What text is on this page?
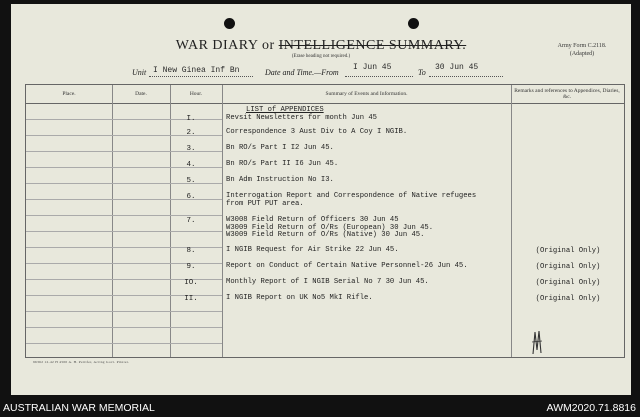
WAR DIARY or INTELLIGENCE SUMMARY.
(Erase heading not required.)
Army Form C.2118.
(Adapted)
Unit I New Ginea Inf Bn	Date and Time.—From
I Jun 45
To
30 Jun 45
Place.	Date.	Hour.	Summary of Events and Information.
Remarks and references to Appendices, Diaries, &c.
LIST of APPENDICES
I.	Revsit Newsletters for month Jun 45
2.	Correspondence 3 Aust Div to A Coy I NGIB.
3.	Bn RO/s Part I I2 Jun 45.
4.	Bn RO/s Part II I6 Jun 45.
5.	Bn Adm Instruction No I3.
6.	Interrogation Report and Correspondence of Native refugees
from PUT PUT area.
7.	W3008 Field Return of Officers 30 Jun 45
W3009 Field Return of O/Rs (European) 30 Jun 45.
W3009 Field Return of O/Rs (Native) 30 Jun 45.
8.	I NGIB Request for Air Strike 22 Jun 45.	(Original Only)
9.	Report on Conduct of Certain Native Personnel-26 Jun 45.	(Original Only)
IO.	Monthly Report of I NGIB Serial No 7 30 Jun 45.	(Original Only)
II.	I NGIB Report on UK No5 MkI Rifle.	(Original Only)
96362 12-42 H 4500 A. H. Pettifer, Acting Govt. Printer.
AUSTRALIAN WAR MEMORIAL	AWM2020.71.8816
